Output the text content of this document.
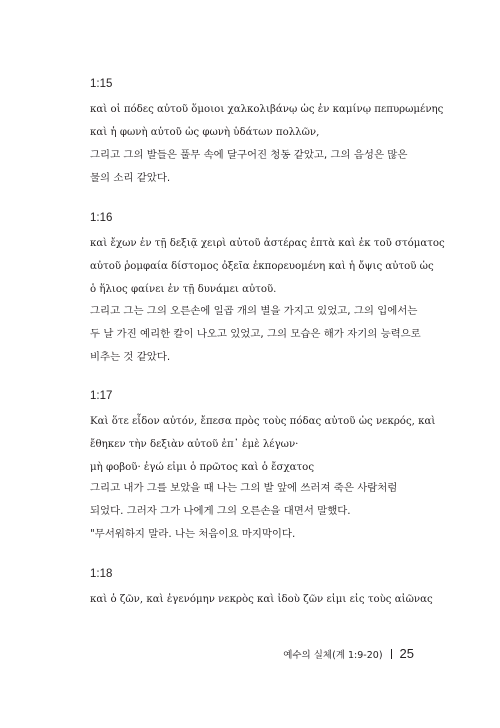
1:15
καὶ οἱ πόδες αὐτοῦ ὅμοιοι χαλκολιβάνῳ ὡς ἐν καμίνῳ πεπυρωμένης
καὶ ἡ φωνὴ αὐτοῦ ὡς φωνὴ ὑδάτων πολλῶν,
그리고 그의 발들은 풀무 속에 달구어진 청동 같았고, 그의 음성은 많은
물의 소리 같았다.
1:16
καὶ ἔχων ἐν τῇ δεξιᾷ χειρὶ αὐτοῦ ἀστέρας ἑπτὰ καὶ ἐκ τοῦ στόματος
αὐτοῦ ῥομφαία δίστομος ὀξεῖα ἐκπορευομένη καὶ ἡ ὄψις αὐτοῦ ὡς
ὁ ἥλιος φαίνει ἐν τῇ δυνάμει αὐτοῦ.
그리고 그는 그의 오른손에 일곱 개의 별을 가지고 있었고, 그의 입에서는
두 날 가진 예리한 칼이 나오고 있었고, 그의 모습은 해가 자기의 능력으로
비추는 것 같았다.
1:17
Καὶ ὅτε εἶδον αὐτόν, ἔπεσα πρὸς τοὺς πόδας αὐτοῦ ὡς νεκρός, καὶ
ἔθηκεν τὴν δεξιὰν αὐτοῦ ἐπ᾽ ἐμὲ λέγων·
μὴ φοβοῦ· ἐγώ εἰμι ὁ πρῶτος καὶ ὁ ἔσχατος
그리고 내가 그를 보았을 때 나는 그의 발 앞에 쓰러져 죽은 사람처럼
되었다. 그러자 그가 나에게 그의 오른손을 대면서 말했다.
"무서워하지 말라. 나는 처음이요 마지막이다.
1:18
καὶ ὁ ζῶν, καὶ ἐγενόμην νεκρὸς καὶ ἰδοὺ ζῶν εἰμι εἰς τοὺς αἰῶνας
예수의 실체(계 1:9-20) 25
